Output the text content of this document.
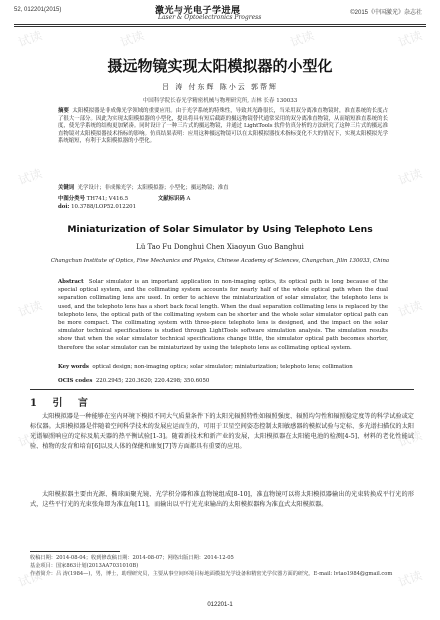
试读	试读	试读	试读
试读	试读
试读	试读
试读	试读
试读	试读
52, 012201(2015)	激光与光电子学进展
Laser & Optoelectronics Progress
©2015《中国激光》杂志社
摄远物镜实现太阳模拟器的小型化
吕 涛 付东辉 陈小云 郭帮辉
中国科学院长春光学精密机械与物理研究所, 吉林 长春 130033
摘要 太阳模拟器是非成像光学领域的重要应用。由于光学系统的特殊性，导致其光路很长，当采用双分离准直物镜时，准直系统的长度占了很大一部分。因此为实现太阳模拟器的小型化，提出将具有短后截距的摄远物镜替代通常采用的双分离准直物镜，从而缩短准直系统的长度，使光学系统的结构更加紧凑。同时设计了一种三片式的摄远物镜，并通过 LightTools 软件仿真分析的方法研究了这种三片式的摄远准直物镜对太阳模拟器技术指标的影响。仿真结果表明：应用这种摄远物镜可以在太阳模拟器技术指标变化不大的情况下，实现太阳模拟光学系统缩短，有利于太阳模拟器的小型化。
关键词 光学设计；非成像光学；太阳模拟器；小型化；摄远物镜；准直
中图分类号 TH741; V416.5	文献标识码 A
doi: 10.3788/LOP52.012201
Miniaturization of Solar Simulator by Using Telephoto Lens
Lü Tao Fu Donghui Chen Xiaoyun Guo Banghui
Changchun Institute of Optics, Fine Mechanics and Physics, Chinese Academy of Sciences, Changchun, Jilin 130033, China
Abstract Solar simulator is an important application in non-imaging optics, its optical path is long because of the special optical system, and the collimating system accounts for nearly half of the whole optical path when the dual separation collimating lens are used. In order to achieve the miniaturization of solar simulator, the telephoto lens is used, and the telephoto lens has a short back focal length. When the dual separation collimating lens is replaced by the telephoto lens, the optical path of the collimating system can be shorter and the whole solar simulator optical path can be more compact. The collimating system with three-piece telephoto lens is designed, and the impact on the solar simulator technical specifications is studied through LightTools software simulation analysis. The simulation results show that when the solar simulator technical specifications change little, the simulator optical path becomes shorter, therefore the solar simulator can be miniaturized by using the telephoto lens as collimating optical system.
Key words optical design; non-imaging optics; solar simulator; miniaturization; telephoto lens; collimation
OCIS codes 220.2945; 220.3620; 220.4298; 350.6050
1 引 言
太阳模拟器是一种能够在室内环境下模拟不同大气质量条件下的太阳光辐照特性如辐照强度、辐照均匀性和辐照稳定度等的科学试验或定标仪器。太阳模拟器是伴随着空间科学技术的发展应运而生的，可用于卫星空间姿态控制太阳敏感器的模拟试验与定标、多光谱扫描仪的太阳光谱辐照响应的定标及航天器的热平衡试验[1-3]。随着新技术和新产业的发展，太阳模拟器在太阳能电池的检测[4-5]、材料的老化性能试验、植物的发育和培育[6]以及人体的保健和康复[7]等方面都具有重要的应用。
太阳模拟器主要由光源、椭球面聚光镜、光学积分器和准直物镜组成[8-10]，准直物镜可以将太阳模拟器输出的光束转换成平行光的形式，这些平行光的光束张角即为准直角[11]，而输出以平行光光束输出的太阳模拟器称为准直式太阳模拟器。
收稿日期：2014-08-04；收到修改稿日期：2014-08-07；网络出版日期：2014-12-05
基金项目：国家863计划(2013AA7031010B)
作者简介：吕 涛(1984—)，男，博士，助理研究员，主要从事空间环境目标地面模拟光学设备和精密光学仪器方面的研究。E-mail: lvtao1984@gmail.com
012201-1
